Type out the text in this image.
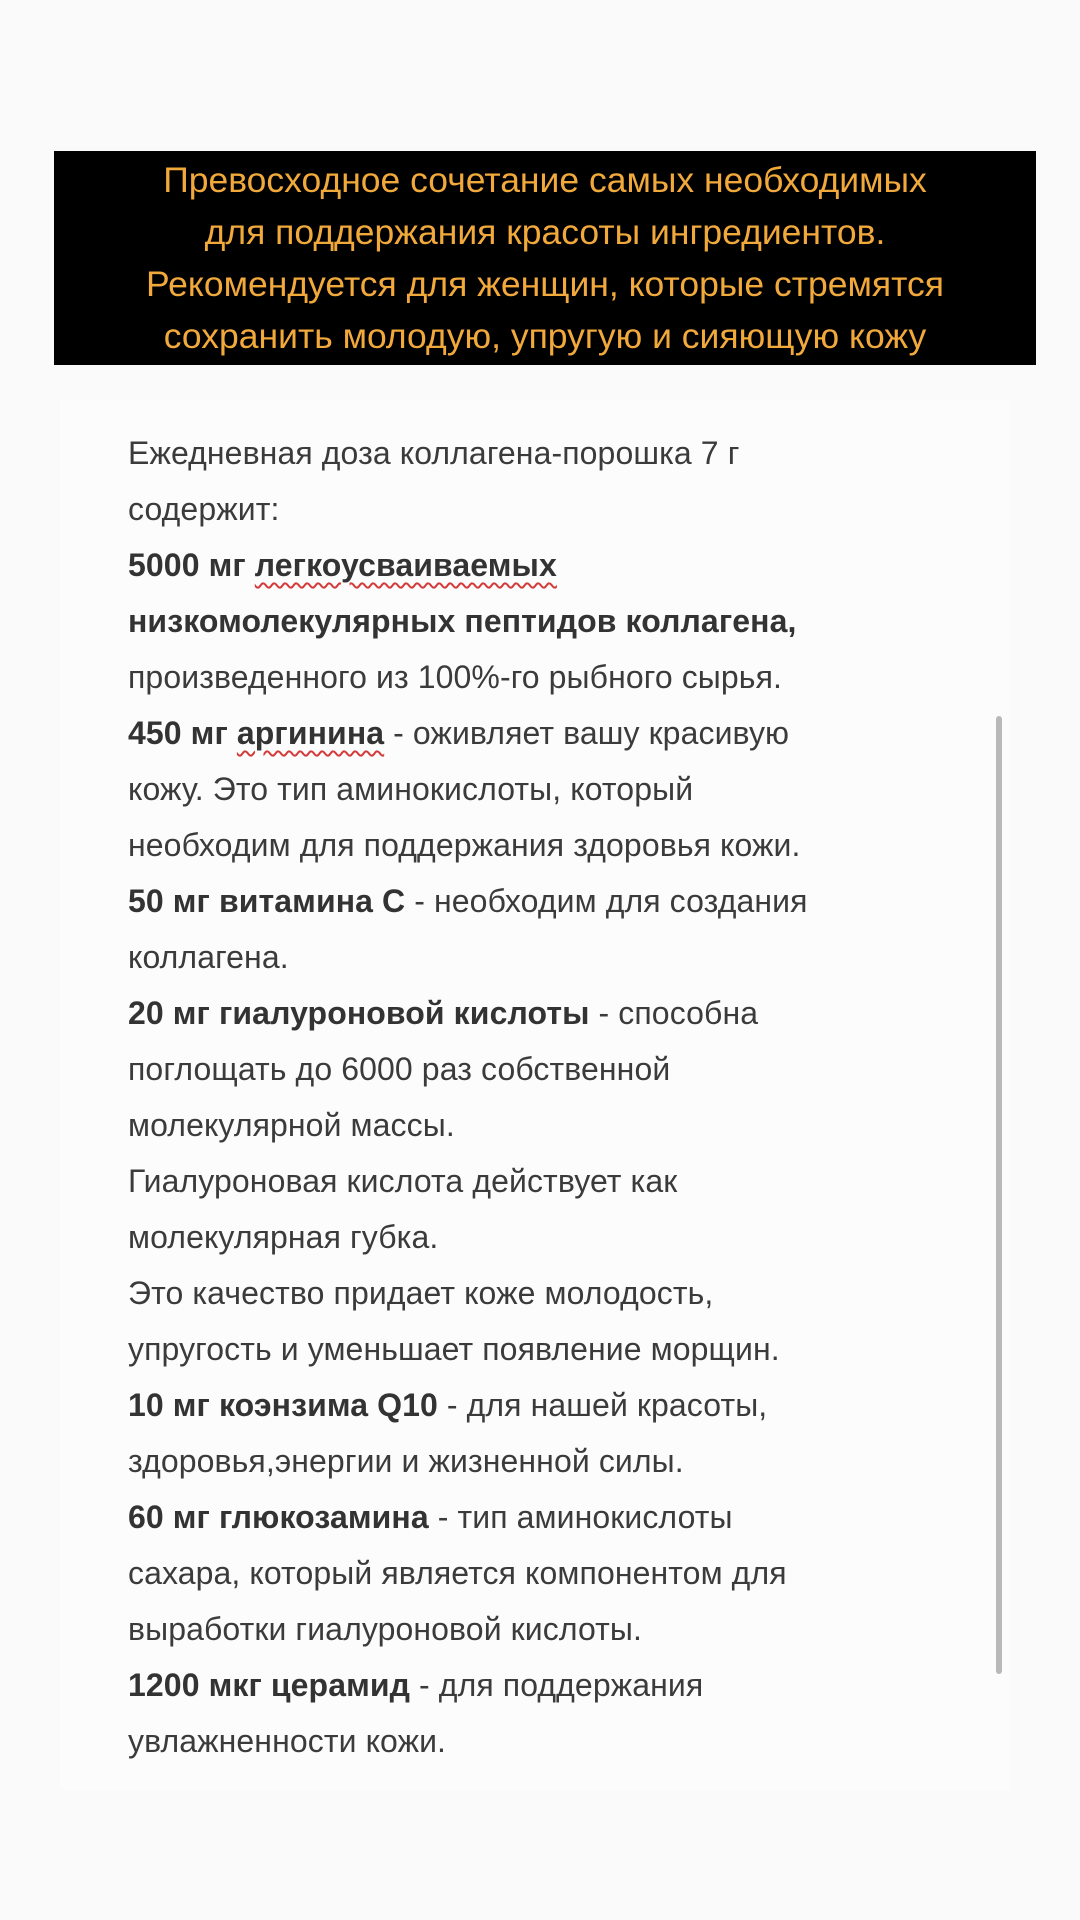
Превосходное сочетание самых необходимых
для поддержания красоты ингредиентов.
Рекомендуется для женщин, которые стремятся
сохранить молодую, упругую и сияющую кожу
Ежедневная доза коллагена-порошка 7 г
содержит:
5000 мг легкоусваиваемых
низкомолекулярных пептидов коллагена,
произведенного из 100%-го рыбного сырья.
450 мг аргинина - оживляет вашу красивую
кожу. Это тип аминокислоты, который
необходим для поддержания здоровья кожи.
50 мг витамина С - необходим для создания
коллагена.
20 мг гиалуроновой кислоты - способна
поглощать до 6000 раз собственной
молекулярной массы.
Гиалуроновая кислота действует как
молекулярная губка.
Это качество придает коже молодость,
упругость и уменьшает появление морщин.
10 мг коэнзима Q10 - для нашей красоты,
здоровья,энергии и жизненной силы.
60 мг глюкозамина - тип аминокислоты
сахара, который является компонентом для
выработки гиалуроновой кислоты.
1200 мкг церамид - для поддержания
увлажненности кожи.
